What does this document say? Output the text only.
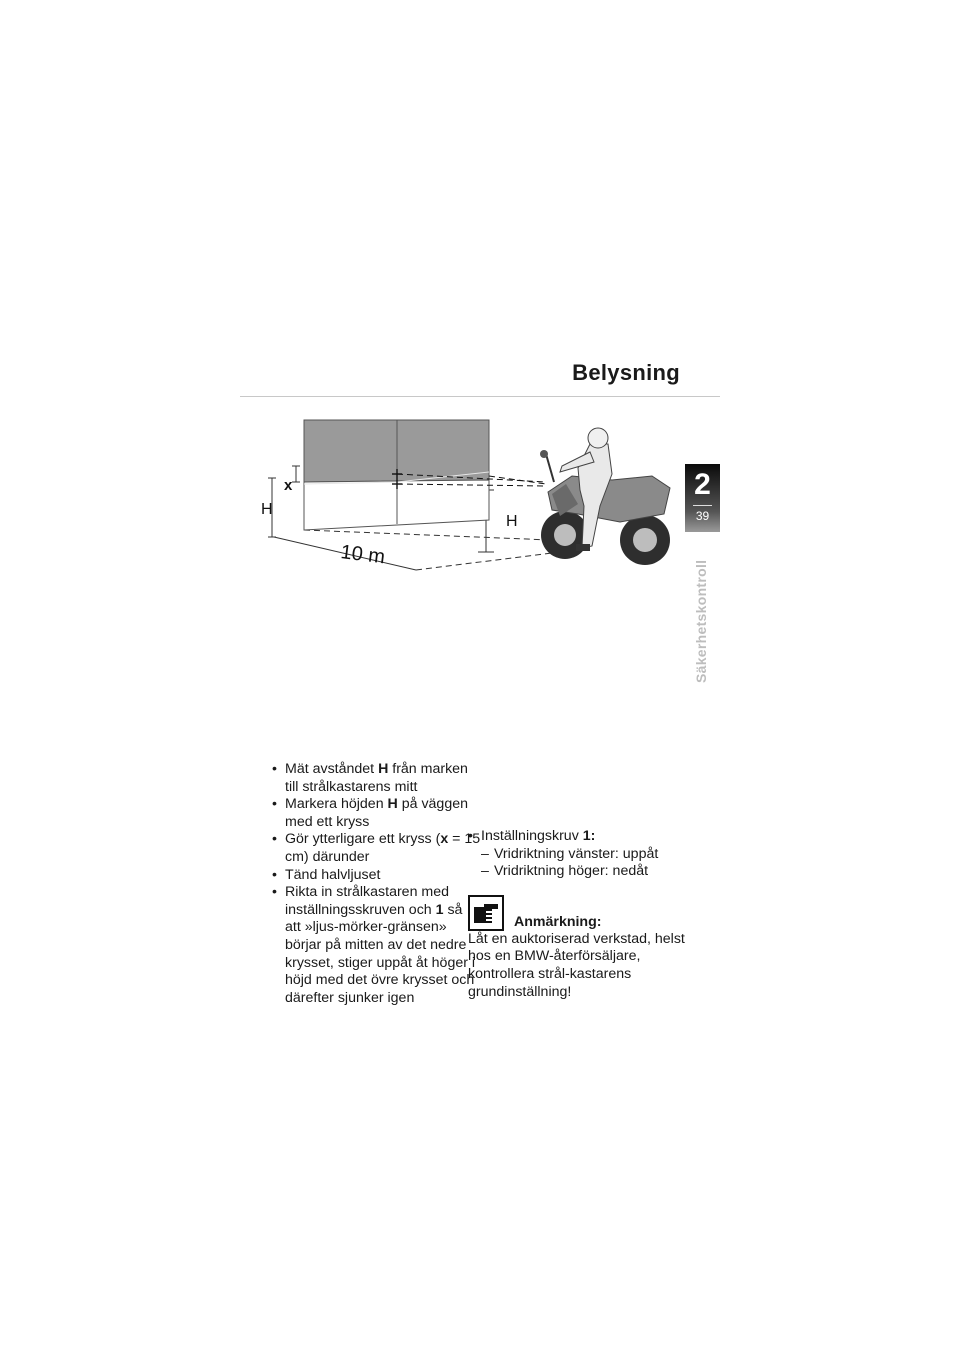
Belysning
2
39
Säkerhetskontroll
x
H
H
10 m
• Mät avståndet H från marken till strålkastarens mitt
• Markera höjden H på väggen med ett kryss
• Gör ytterligare ett kryss (x = 15 cm) därunder
• Tänd halvljuset
• Rikta in strålkastaren med inställningsskruven och 1 så att »ljus-mörker-gränsen» börjar på mitten av det nedre krysset, stiger uppåt åt höger i höjd med det övre krysset och därefter sjunker igen
• Inställningskruv 1:
– Vridriktning vänster: uppåt
– Vridriktning höger: nedåt
Anmärkning:
Låt en auktoriserad verkstad, helst hos en BMW-återförsäljare, kontrollera strål-kastarens grundinställning!
